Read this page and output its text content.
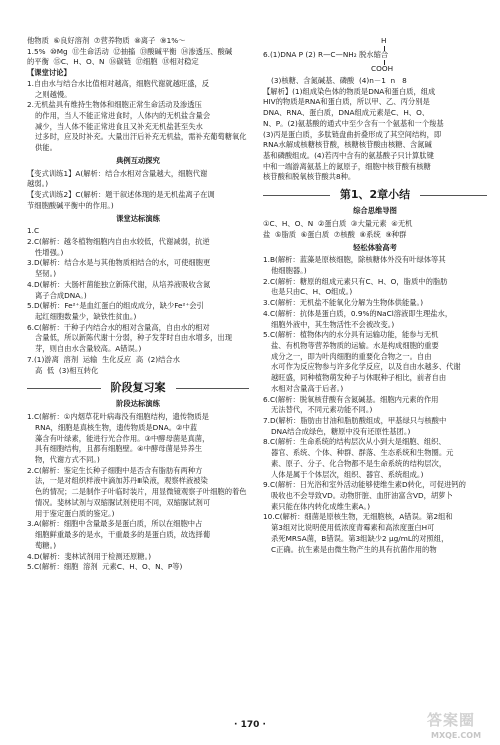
他物质  ⑥良好溶剂  ⑦营养物质  ⑧离子  ⑨1%～

1.5%  ⑩Mg  ⑪生命活动  ⑫抽搐  ⑬酸碱平衡  ⑭渗透压、酸碱

的平衡  ⑮C、H、O、N  ⑯碳链  ⑰细胞  ⑱相对稳定

【课堂讨论】

1.自由水与结合水比值相对越高，细胞代谢就越旺盛，反

之则越慢。

2.无机盐具有维持生物体和细胞正常生命活动及渗透压

的作用，当人不能正常进食时，人体内的无机盐含量会

减少，当人体不能正常进食且又补充无机盐甚至失水

过多时，应及时补充。大量出汗后补充无机盐，需补充葡萄糖氧化

供能。

典例互动探究

【变式训练1】A(解析：结合水相对含量越大，细胞代谢

越弱。)

【变式训练2】C(解析：题干叙述体现的是无机盐离子在调

节细胞酸碱平衡中的作用。)

课堂达标演练

1.C

2.C(解析：越冬植物细胞内自由水较低，代谢减弱，抗逆

性增强。)

3.D(解析：结合水是与其他物质相结合的水，可使细胞更

坚韧。)

4.D(解析：大肠杆菌能独立新陈代谢，从培养液吸收含氮

离子合成DNA。)

5.D(解析：Fe²⁺是血红蛋白的组成成分，缺少Fe²⁺会引

起红细胞数量少，缺铁性贫血。)

6.C(解析：干种子内结合水的相对含量高，自由水的相对

含量低，所以新陈代谢十分弱，种子发芽时自由水增多，出现

芽，则自由水含量较高。A错误。)

7.(1)游离  溶剂  运输  生化反应  高  (2)结合水

高  低  (3)相互转化

阶段复习案

阶段达标演练

1.C(解析：①内烟草花叶病毒没有细胞结构，遗传物质是

RNA，细胞是真核生物，遗传物质是DNA。②中蓝

藻含有叶绿素，能进行光合作用。③中酵母菌是真菌，

具有细胞结构，且都有细胞壁。④中酵母菌是异养生

物，代谢方式不同。)

2.C(解析：鉴定生长种子细胞中是否含有脂肪有两种方

法，一是对组织样液中滴加苏丹Ⅲ染液，观察样液被染

色的情况；二是制作子叶临时装片，用显微镜观察子叶细胞的着色

情况。斐林试剂与双缩脲试剂使用不同，双缩脲试剂可

用于鉴定蛋白质的鉴定。)

3.A(解析：细胞中含量最多是蛋白质，所以在细胞中占

细胞鲜重最多的是水，干重最多的是蛋白质，故选择葡

萄糖。)

4.D(解析：斐林试剂用于检测还原糖。)

5.C(解析：细胞  溶剂  元素C、H、O、N、P等)

H
6.(1)DNA P (2) R—C—NH₂ 脱水缩合
COOH

(3)核糖、含氮碱基、磷酸  (4)n－1  n   8

【解析】(1)组成染色体的物质是DNA和蛋白质，组成

HIV的物质是RNA和蛋白质，所以甲、乙、丙分别是

DNA、RNA、蛋白质，DNA组成元素是C、H、O、

N、P。(2)氨基酸的通式中至少含有一个氨基和一个羧基

(3)丙是蛋白质，多肽链盘曲折叠形成了其空间结构，即

RNA水解成核糖核苷酸，核糖核苷酸由核糖、含氮碱

基和磷酸组成。(4)若丙中含有的氨基酸子只计算肽键

中和一端游离氨基上的氮原子，细胞中核苷酸有核糖

核苷酸和脱氧核苷酸共8种。

第1、2章小结

综合思维导图

①C、H、O、N  ②蛋白质  ③大量元素  ④无机

盐  ⑤脂质  ⑥蛋白质  ⑦核酸  ⑧系统  ⑨种群

轻松体验高考

1.B(解析：蓝藻是原核细胞，除核糖体外没有叶绿体等其

他细胞器。)

2.C(解析：糖原的组成元素只有C、H、O，脂质中的脂肪

也是只由C、H、O组成。)

3.C(解析：无机盐不能氧化分解为生物体供能量。)

4.C(解析：抗体是蛋白质，0.9%的NaCl溶液即生理盐水，

细胞外液中，其生物活性不会被改变。)

5.C(解析：植物体内的水分具有运输功能，能参与无机

盐、有机物等营养物质的运输。水是构成细胞的重要

成分之一，即为叶肉细胞的重要化合物之一。自由

水可作为反应物参与许多化学反应，以及自由水越多、代谢

越旺盛，同种植物萌发种子与休眠种子相比，前者自由

水相对含量高于后者。)

6.C(解析：脱氧核苷酸有含氮碱基。细胞内元素的作用

无法替代，不同元素功能不同。)

7.D(解析：脂肪由甘油和脂肪酸组成，甲基绿只与核酸中

DNA结合成绿色，糖原中没有还原性基团。)

8.C(解析：生命系统的结构层次从小到大是细胞、组织、

器官、系统、个体、种群、群落、生态系统和生物圈。元

素、原子、分子、化合物都不是生命系统的结构层次，

人体是属于个体层次，组织、器官、系统组成。)

9.C(解析：日光浴和室外活动能够使维生素D转化，可促进钙的

吸收也不会导致VD。动物肝脏、血肝油富含VD，胡萝卜

素只能在体内转化成维生素A。)

10.C(解析：细菌是原核生物，无细胞核，A错误。第2组和

第3组对比说明使用低浓度青霉素和高浓度蛋白H可

杀死MRSA菌，B错误。第3组缺少2 μg/mL的对照组，

C正确。抗生素是由微生物产生的具有抗菌作用的物

· 170 ·	答案圈
MXQE.COM
